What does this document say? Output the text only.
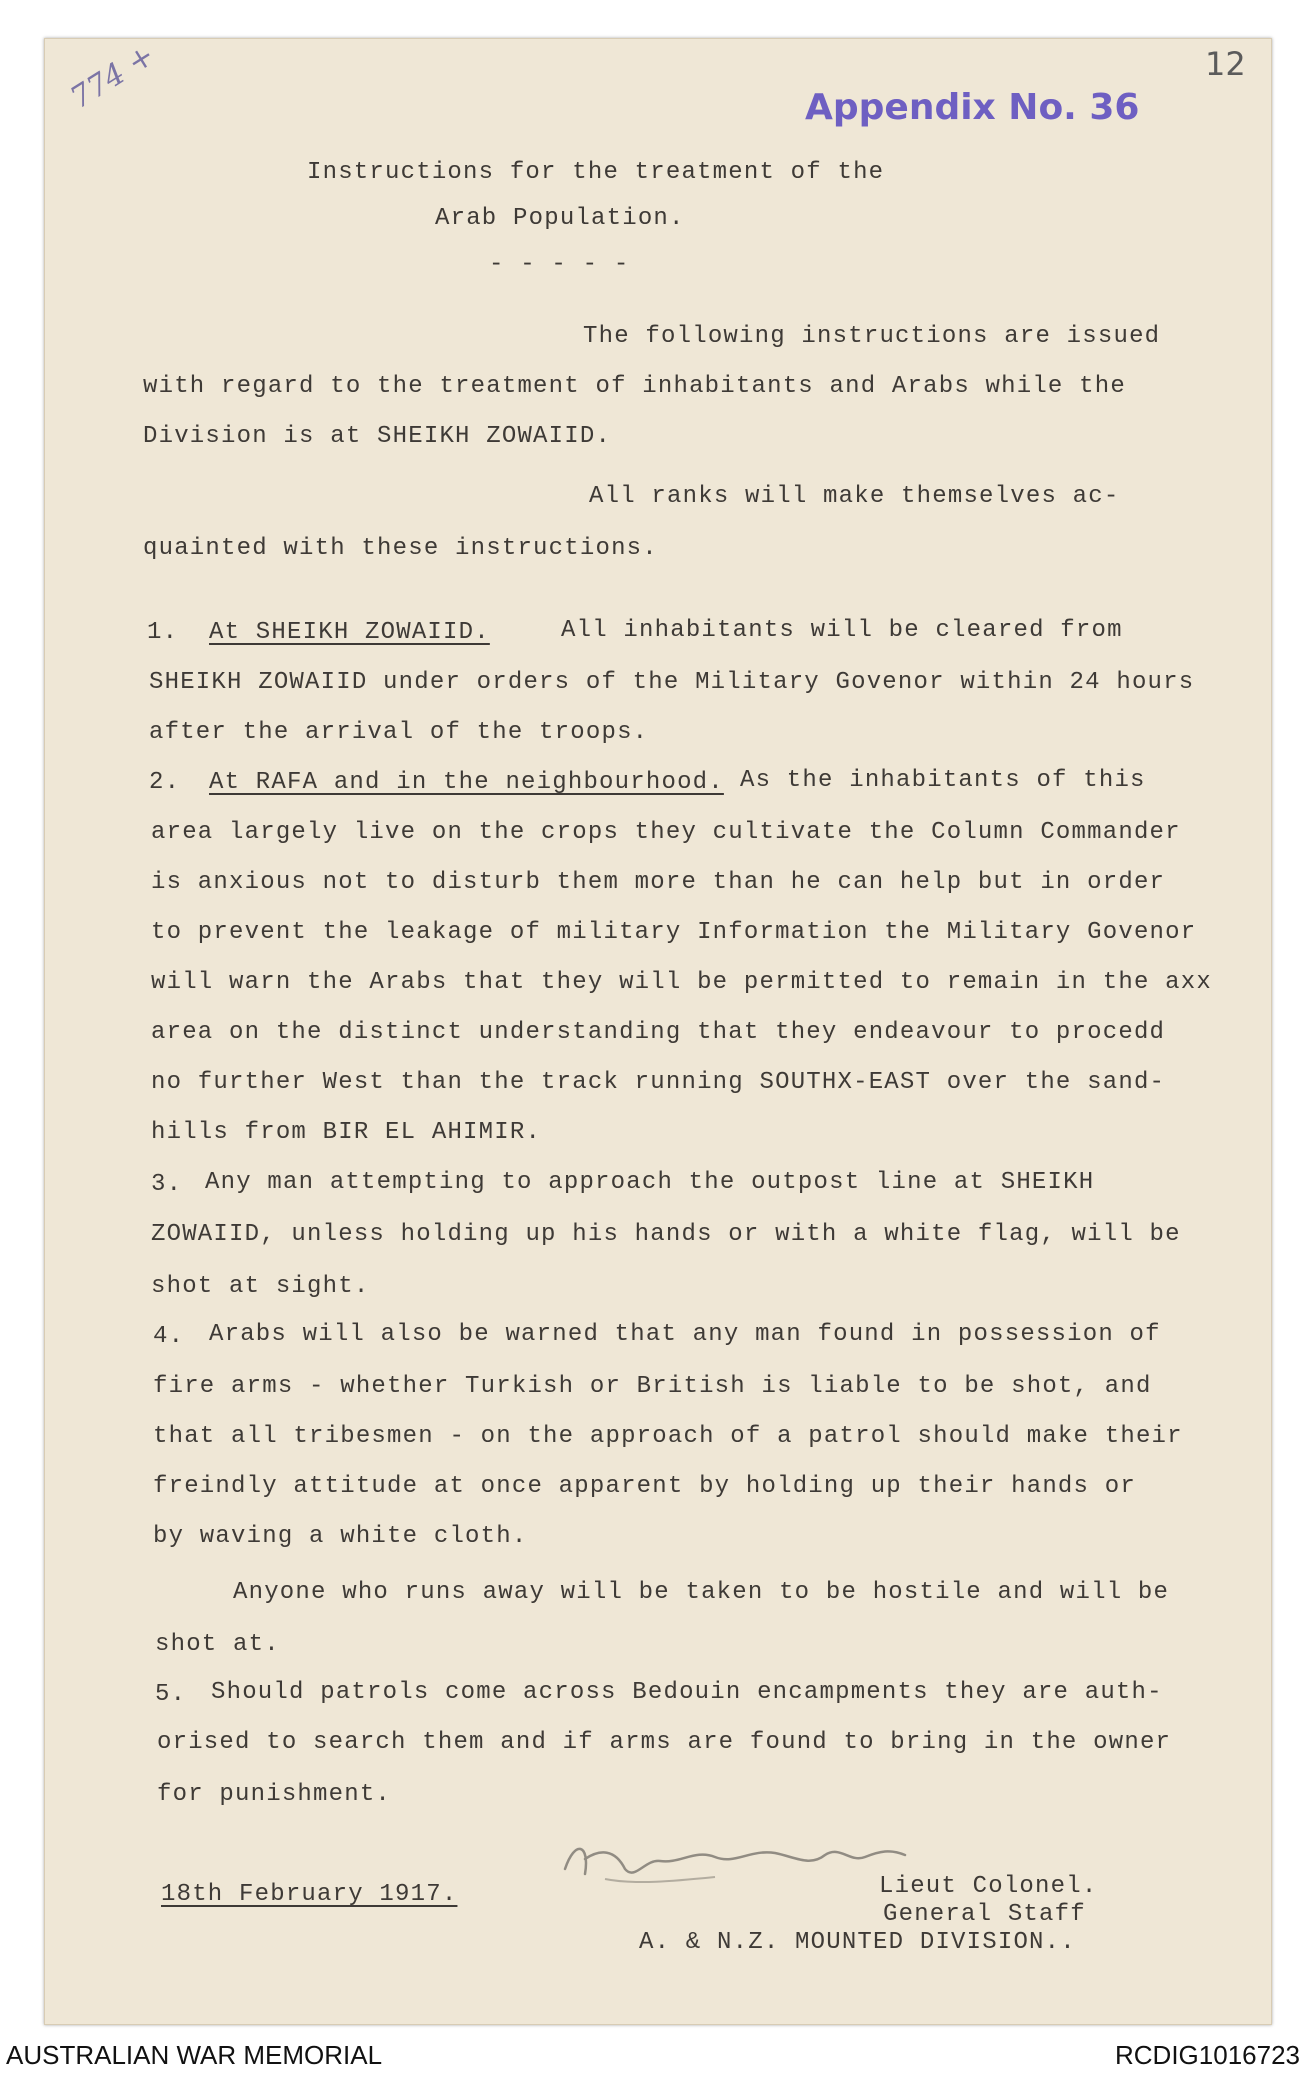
12
774 +	Appendix No. 36
Instructions for the treatment of the
Arab Population.
- - - - -
The following instructions are issued
with regard to the treatment of inhabitants and Arabs while the
Division is at SHEIKH ZOWAIID.
All ranks will make themselves ac-
quainted with these instructions.
1. At SHEIKH ZOWAIID.	All inhabitants will be cleared from
SHEIKH ZOWAIID under orders of the Military Govenor within 24 hours
after the arrival of the troops.
2. At RAFA and in the neighbourhood. As the inhabitants of this
area largely live on the crops they cultivate the Column Commander
is anxious not to disturb them more than he can help but in order
to prevent the leakage of military Information the Military Govenor
will warn the Arabs that they will be permitted to remain in the axx
area on the distinct understanding that they endeavour to procedd
no further West than the track running SOUTHX-EAST over the sand-
hills from BIR EL AHIMIR.
3. Any man attempting to approach the outpost line at SHEIKH
ZOWAIID, unless holding up his hands or with a white flag, will be
shot at sight.
4. Arabs will also be warned that any man found in possession of
fire arms - whether Turkish or British is liable to be shot, and
that all tribesmen - on the approach of a patrol should make their
freindly attitude at once apparent by holding up their hands or
by waving a white cloth.
Anyone who runs away will be taken to be hostile and will be
shot at.
5. Should patrols come across Bedouin encampments they are auth-
orised to search them and if arms are found to bring in the owner
for punishment.
18th February 1917.	Lieut Colonel.
General Staff
A. & N.Z. MOUNTED DIVISION..
AUSTRALIAN WAR MEMORIAL	RCDIG1016723
